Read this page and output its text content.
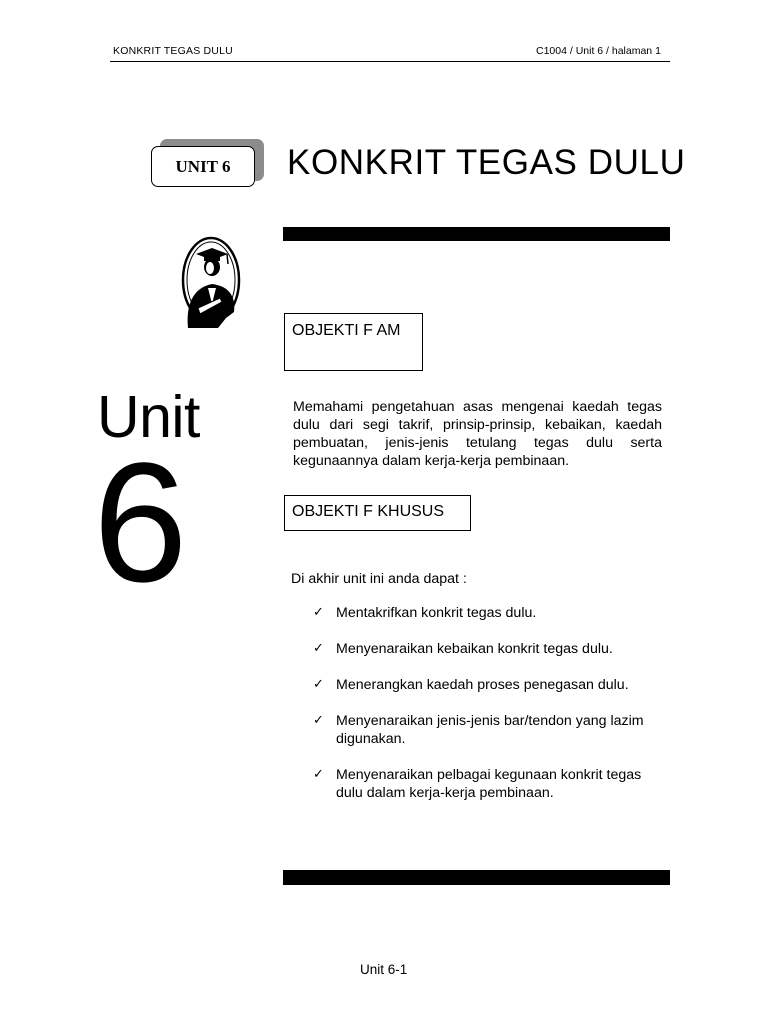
KONKRIT TEGAS DULU	C1004 / Unit 6 / halaman 1
UNIT 6	KONKRIT TEGAS DULU
OBJEKTI F AM
Unit
6
Memahami pengetahuan asas mengenai kaedah tegas dulu dari segi takrif, prinsip-prinsip, kebaikan, kaedah pembuatan, jenis-jenis tetulang tegas dulu serta kegunaannya dalam kerja-kerja pembinaan.
OBJEKTI F KHUSUS
Di akhir unit ini anda dapat :
✓ Mentakrifkan konkrit tegas dulu.
✓ Menyenaraikan kebaikan konkrit tegas dulu.
✓ Menerangkan kaedah proses penegasan dulu.
✓ Menyenaraikan jenis-jenis bar/tendon yang lazim digunakan.
✓ Menyenaraikan pelbagai kegunaan konkrit tegas dulu dalam kerja-kerja pembinaan.
Unit 6-1
